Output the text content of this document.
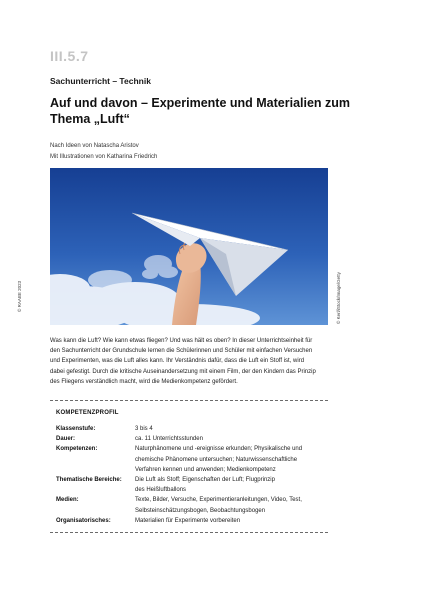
III.5.7
Sachunterricht – Technik
Auf und davon – Experimente und Materialien zum Thema „Luft“
Nach Ideen von Natascha Aristov
Mit Illustrationen von Katharina Friedrich
© RAABE 2023	© Kerl/iStock/Image/Getty
Was kann die Luft? Wie kann etwas fliegen? Und was hält es oben? In dieser Unterrichtseinheit für
den Sachunterricht der Grundschule lernen die Schülerinnen und Schüler mit einfachen Versuchen
und Experimenten, was die Luft alles kann. Ihr Verständnis dafür, dass die Luft ein Stoff ist, wird
dabei gefestigt. Durch die kritische Auseinandersetzung mit einem Film, der den Kindern das Prinzip
des Fliegens verständlich macht, wird die Medienkompetenz gefördert.
KOMPETENZPROFIL
Klassenstufe:	3 bis 4
Dauer:	ca. 11 Unterrichtsstunden
Kompetenzen:	Naturphänomene und -ereignisse erkunden; Physikalische und
chemische Phänomene untersuchen; Naturwissenschaftliche
Verfahren kennen und anwenden; Medienkompetenz
Thematische Bereiche: Die Luft als Stoff; Eigenschaften der Luft; Flugprinzip
des Heißluftballons
Medien:	Texte, Bilder, Versuche, Experimentieranleitungen, Video, Test,
Selbsteinschätzungsbogen, Beobachtungsbogen
Organisatorisches:	Materialien für Experimente vorbereiten
